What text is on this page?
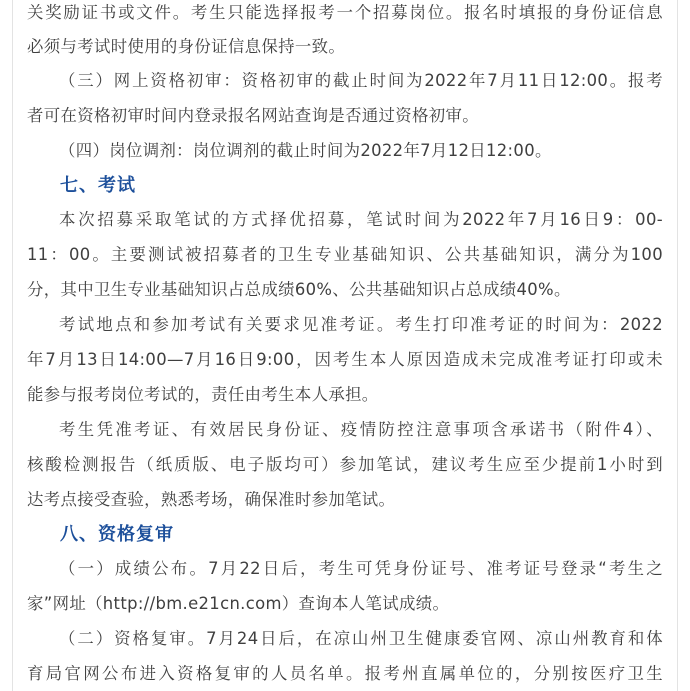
关奖励证书或文件。考生只能选择报考一个招募岗位。报名时填报的身份证信息
必须与考试时使用的身份证信息保持一致。
（三）网上资格初审：资格初审的截止时间为2022年7月11日12:00。报考
者可在资格初审时间内登录报名网站查询是否通过资格初审。
（四）岗位调剂：岗位调剂的截止时间为2022年7月12日12:00。
七、考试
本次招募采取笔试的方式择优招募，笔试时间为2022年7月16日9：00-
11：00。主要测试被招募者的卫生专业基础知识、公共基础知识，满分为100
分，其中卫生专业基础知识占总成绩60%、公共基础知识占总成绩40%。
考试地点和参加考试有关要求见准考证。考生打印准考证的时间为：2022
年7月13日14:00—7月16日9:00，因考生本人原因造成未完成准考证打印或未
能参与报考岗位考试的，责任由考生本人承担。
考生凭准考证、有效居民身份证、疫情防控注意事项含承诺书（附件4）、
核酸检测报告（纸质版、电子版均可）参加笔试，建议考生应至少提前1小时到
达考点接受查验，熟悉考场，确保准时参加笔试。
八、资格复审
（一）成绩公布。7月22日后，考生可凭身份证号、准考证号登录“考生之
家”网址（http://bm.e21cn.com）查询本人笔试成绩。
（二）资格复审。7月24日后，在凉山州卫生健康委官网、凉山州教育和体
育局官网公布进入资格复审的人员名单。报考州直属单位的，分别按医疗卫生
